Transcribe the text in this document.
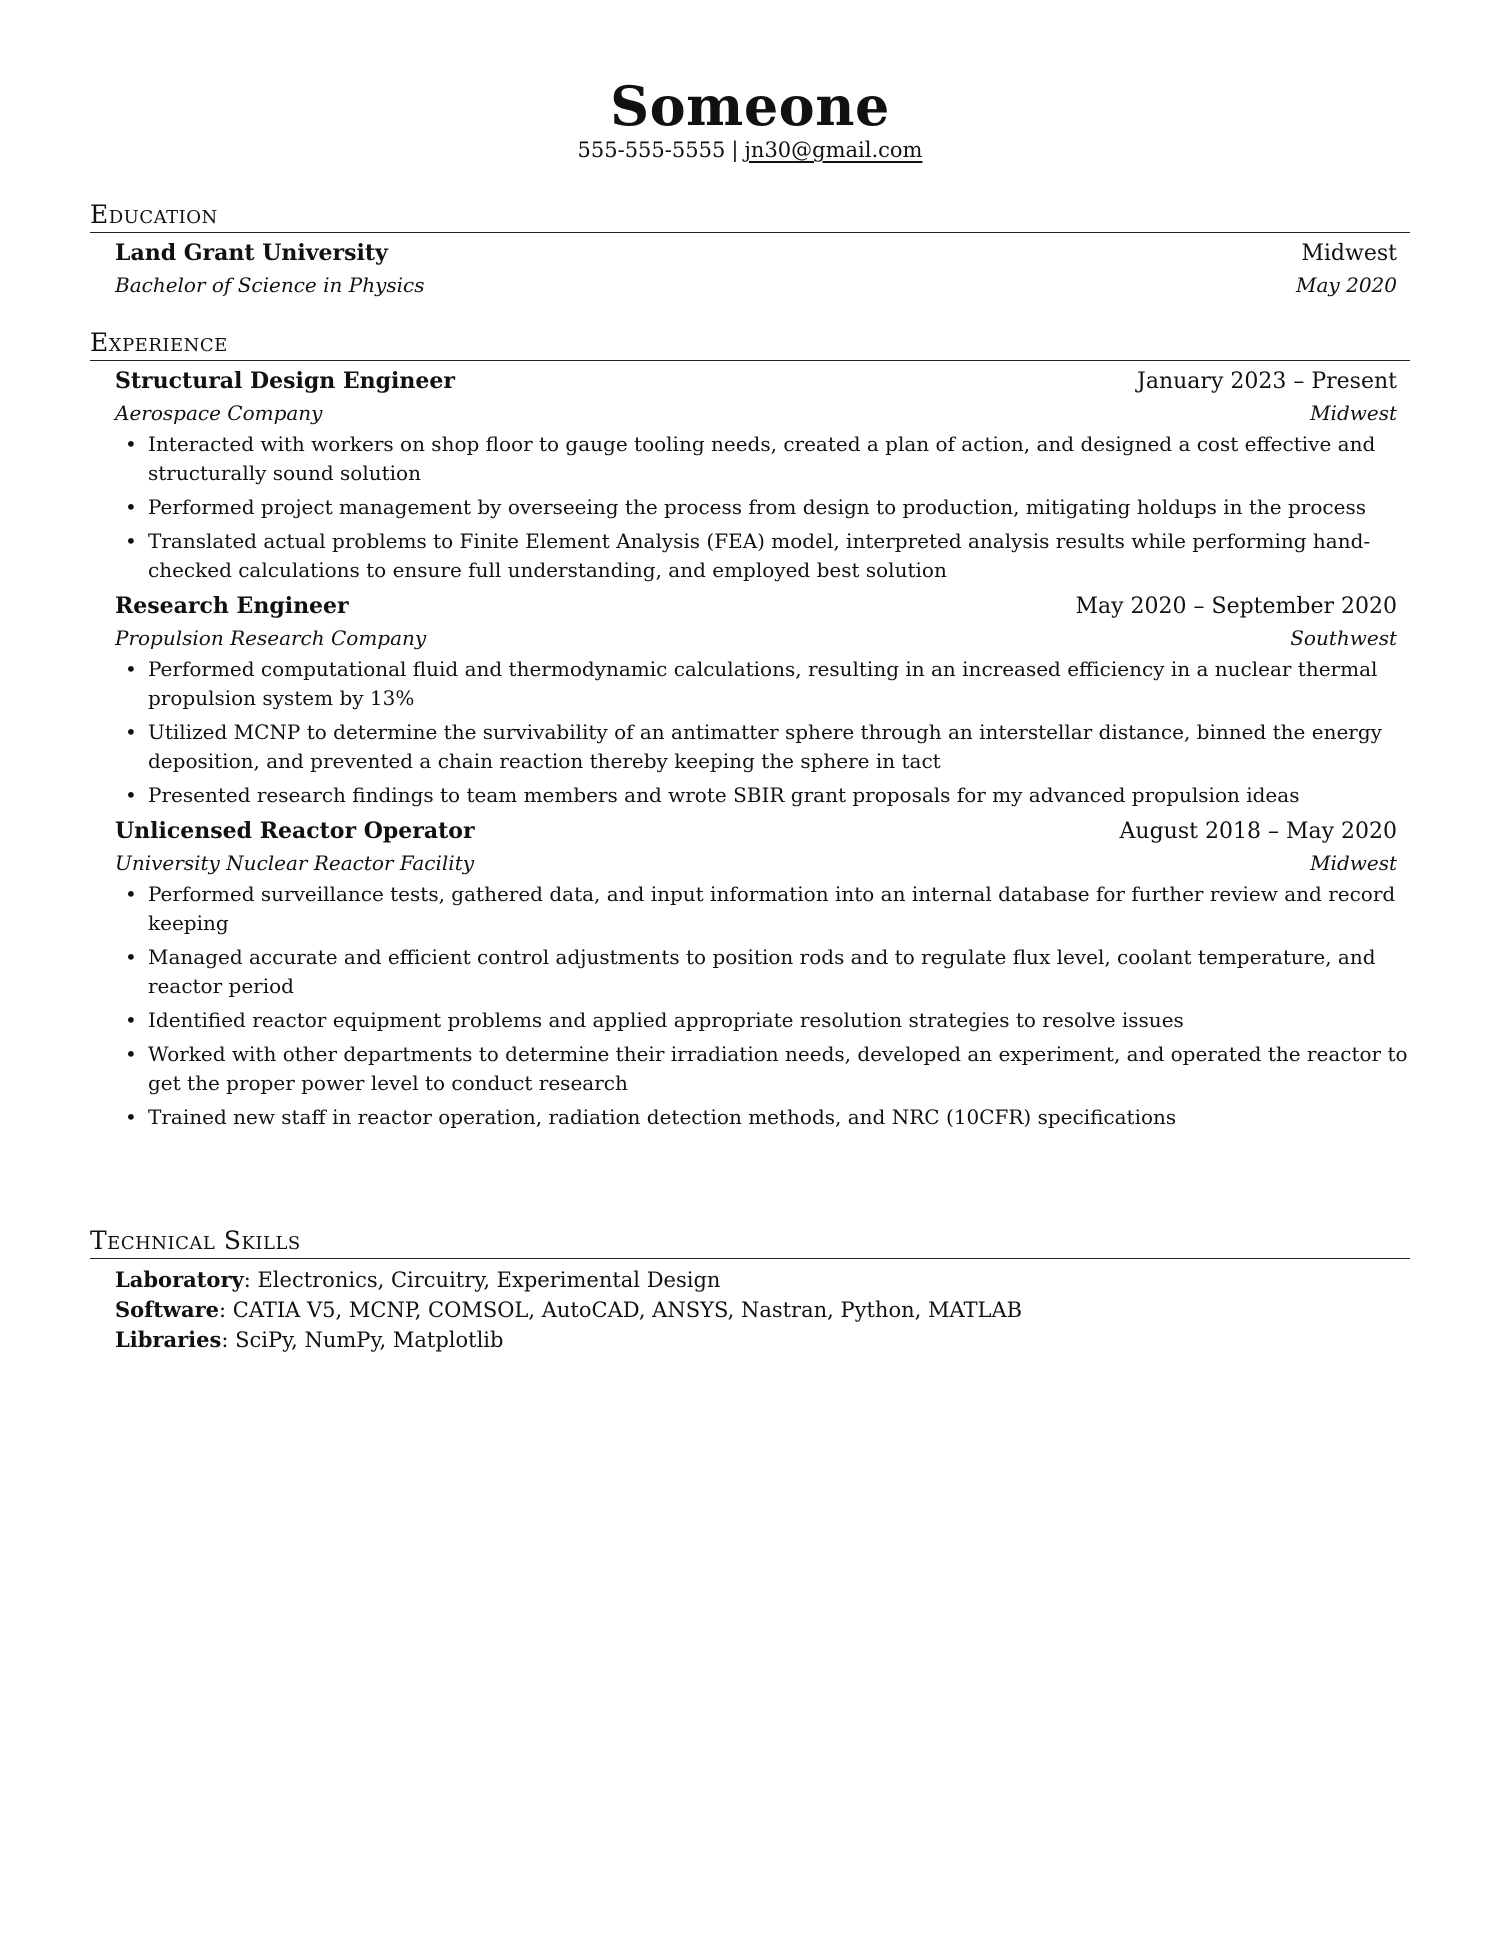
Someone
555-555-5555 | jn30@gmail.com
Education
Land Grant University	Midwest
Bachelor of Science in Physics	May 2020
Experience
Structural Design Engineer	January 2023 – Present
Aerospace Company	Midwest
• Interacted with workers on shop floor to gauge tooling needs, created a plan of action, and designed a cost effective and structurally sound solution
• Performed project management by overseeing the process from design to production, mitigating holdups in the process
• Translated actual problems to Finite Element Analysis (FEA) model, interpreted analysis results while performing hand-checked calculations to ensure full understanding, and employed best solution
Research Engineer	May 2020 – September 2020
Propulsion Research Company	Southwest
• Performed computational fluid and thermodynamic calculations, resulting in an increased efficiency in a nuclear thermal propulsion system by 13%
• Utilized MCNP to determine the survivability of an antimatter sphere through an interstellar distance, binned the energy deposition, and prevented a chain reaction thereby keeping the sphere in tact
• Presented research findings to team members and wrote SBIR grant proposals for my advanced propulsion ideas
Unlicensed Reactor Operator	August 2018 – May 2020
University Nuclear Reactor Facility	Midwest
• Performed surveillance tests, gathered data, and input information into an internal database for further review and record keeping
• Managed accurate and efficient control adjustments to position rods and to regulate flux level, coolant temperature, and reactor period
• Identified reactor equipment problems and applied appropriate resolution strategies to resolve issues
• Worked with other departments to determine their irradiation needs, developed an experiment, and operated the reactor to get the proper power level to conduct research
• Trained new staff in reactor operation, radiation detection methods, and NRC (10CFR) specifications
Technical Skills
Laboratory: Electronics, Circuitry, Experimental Design
Software: CATIA V5, MCNP, COMSOL, AutoCAD, ANSYS, Nastran, Python, MATLAB
Libraries: SciPy, NumPy, Matplotlib
